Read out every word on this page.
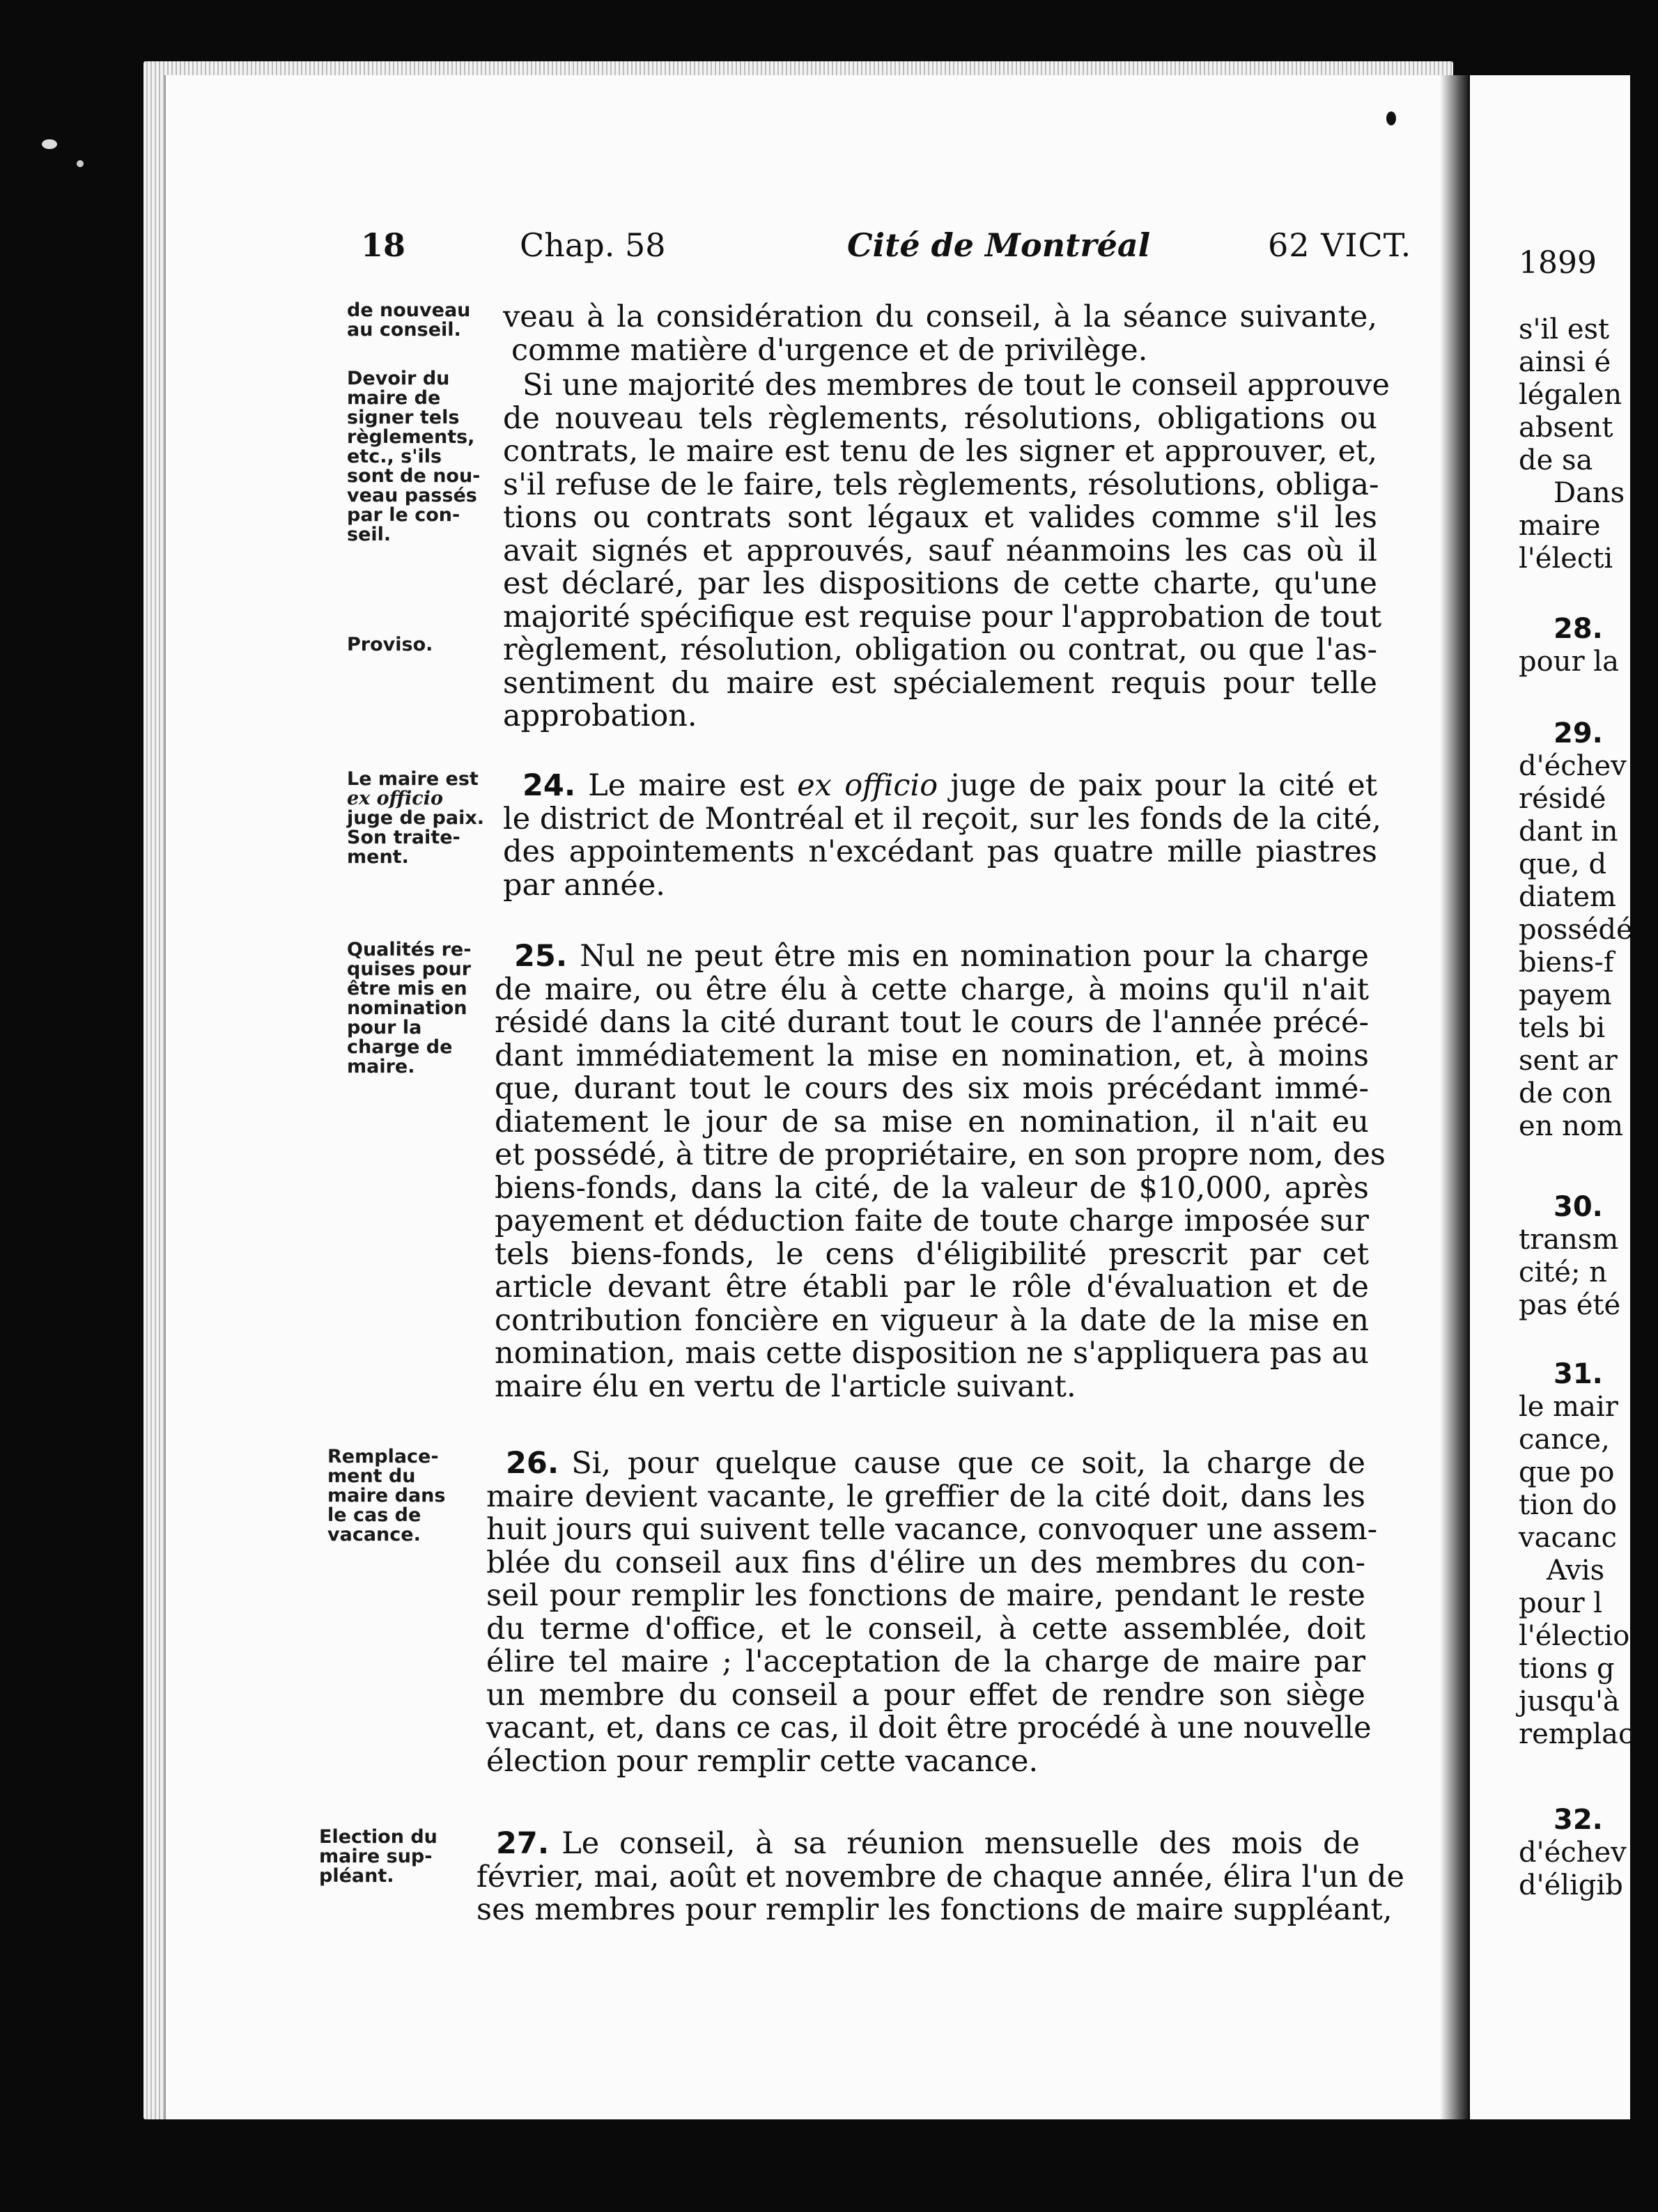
18	Chap. 58	Cité de Montréal	62 VICT.
de nouveau
au conseil.
Devoir du
maire de
signer tels
règlements,
etc., s'ils
sont de nou-
veau passés
par le con-
seil.
Proviso.
Le maire est
ex officio
juge de paix.
Son traite-
ment.
Qualités re-
quises pour
être mis en
nomination
pour la
charge de
maire.
Remplace-
ment du
maire dans
le cas de
vacance.
Election du
maire sup-
pléant.
veau à la considération du conseil, à la séance suivante,
comme matière d'urgence et de privilège.
Si une majorité des membres de tout le conseil approuve
de nouveau tels règlements, résolutions, obligations ou
contrats, le maire est tenu de les signer et approuver, et,
s'il refuse de le faire, tels règlements, résolutions, obliga-
tions ou contrats sont légaux et valides comme s'il les
avait signés et approuvés, sauf néanmoins les cas où il
est déclaré, par les dispositions de cette charte, qu'une
majorité spécifique est requise pour l'approbation de tout
règlement, résolution, obligation ou contrat, ou que l'as-
sentiment du maire est spécialement requis pour telle
approbation.
24. Le maire est ex officio juge de paix pour la cité et
le district de Montréal et il reçoit, sur les fonds de la cité,
des appointements n'excédant pas quatre mille piastres
par année.
25. Nul ne peut être mis en nomination pour la charge
de maire, ou être élu à cette charge, à moins qu'il n'ait
résidé dans la cité durant tout le cours de l'année précé-
dant immédiatement la mise en nomination, et, à moins
que, durant tout le cours des six mois précédant immé-
diatement le jour de sa mise en nomination, il n'ait eu
et possédé, à titre de propriétaire, en son propre nom, des
biens-fonds, dans la cité, de la valeur de $10,000, après
payement et déduction faite de toute charge imposée sur
tels biens-fonds, le cens d'éligibilité prescrit par cet
article devant être établi par le rôle d'évaluation et de
contribution foncière en vigueur à la date de la mise en
nomination, mais cette disposition ne s'appliquera pas au
maire élu en vertu de l'article suivant.
26. Si, pour quelque cause que ce soit, la charge de
maire devient vacante, le greffier de la cité doit, dans les
huit jours qui suivent telle vacance, convoquer une assem-
blée du conseil aux fins d'élire un des membres du con-
seil pour remplir les fonctions de maire, pendant le reste
du terme d'office, et le conseil, à cette assemblée, doit
élire tel maire ; l'acceptation de la charge de maire par
un membre du conseil a pour effet de rendre son siège
vacant, et, dans ce cas, il doit être procédé à une nouvelle
élection pour remplir cette vacance.
27. Le conseil, à sa réunion mensuelle des mois de
février, mai, août et novembre de chaque année, élira l'un de
ses membres pour remplir les fonctions de maire suppléant,
1899
s'il est
ainsi é
légalen
absent
de sa
Dans
maire
l'électi
28.
pour la
29.
d'échev
résidé
dant in
que, d
diatem
possédé
biens-f
payem
tels bi
sent ar
de con
en nom
30.
transm
cité; n
pas été
31.
le mair
cance,
que po
tion do
vacanc
Avis
pour l
l'électio
tions g
jusqu'à
remplac
32.
d'échev
d'éligib
